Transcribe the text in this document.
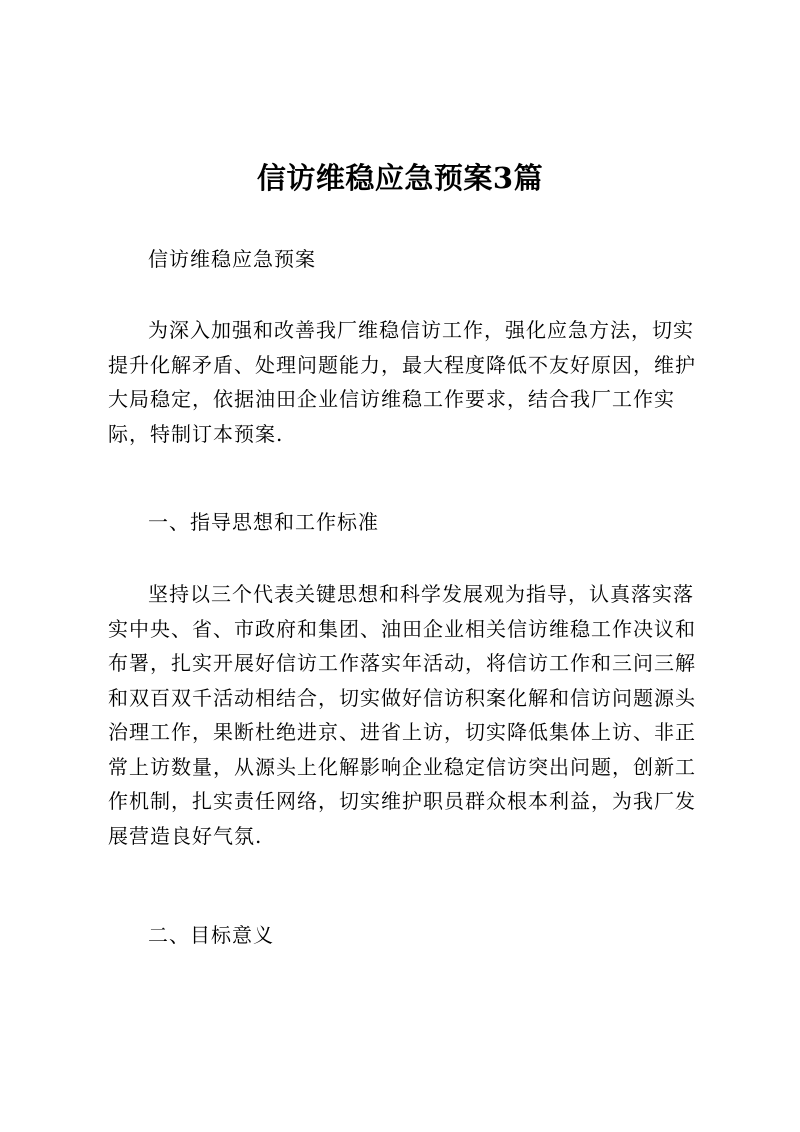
信访维稳应急预案3篇

信访维稳应急预案

为深入加强和改善我厂维稳信访工作，强化应急方法，切实提升化解矛盾、处理问题能力，最大程度降低不友好原因，维护大局稳定，依据油田企业信访维稳工作要求，结合我厂工作实际，特制订本预案.

一、指导思想和工作标准

坚持以三个代表关键思想和科学发展观为指导，认真落实落实中央、省、市政府和集团、油田企业相关信访维稳工作决议和布署，扎实开展好信访工作落实年活动，将信访工作和三问三解和双百双千活动相结合，切实做好信访积案化解和信访问题源头治理工作，果断杜绝进京、进省上访，切实降低集体上访、非正常上访数量，从源头上化解影响企业稳定信访突出问题，创新工作机制，扎实责任网络，切实维护职员群众根本利益，为我厂发展营造良好气氛.

二、目标意义
